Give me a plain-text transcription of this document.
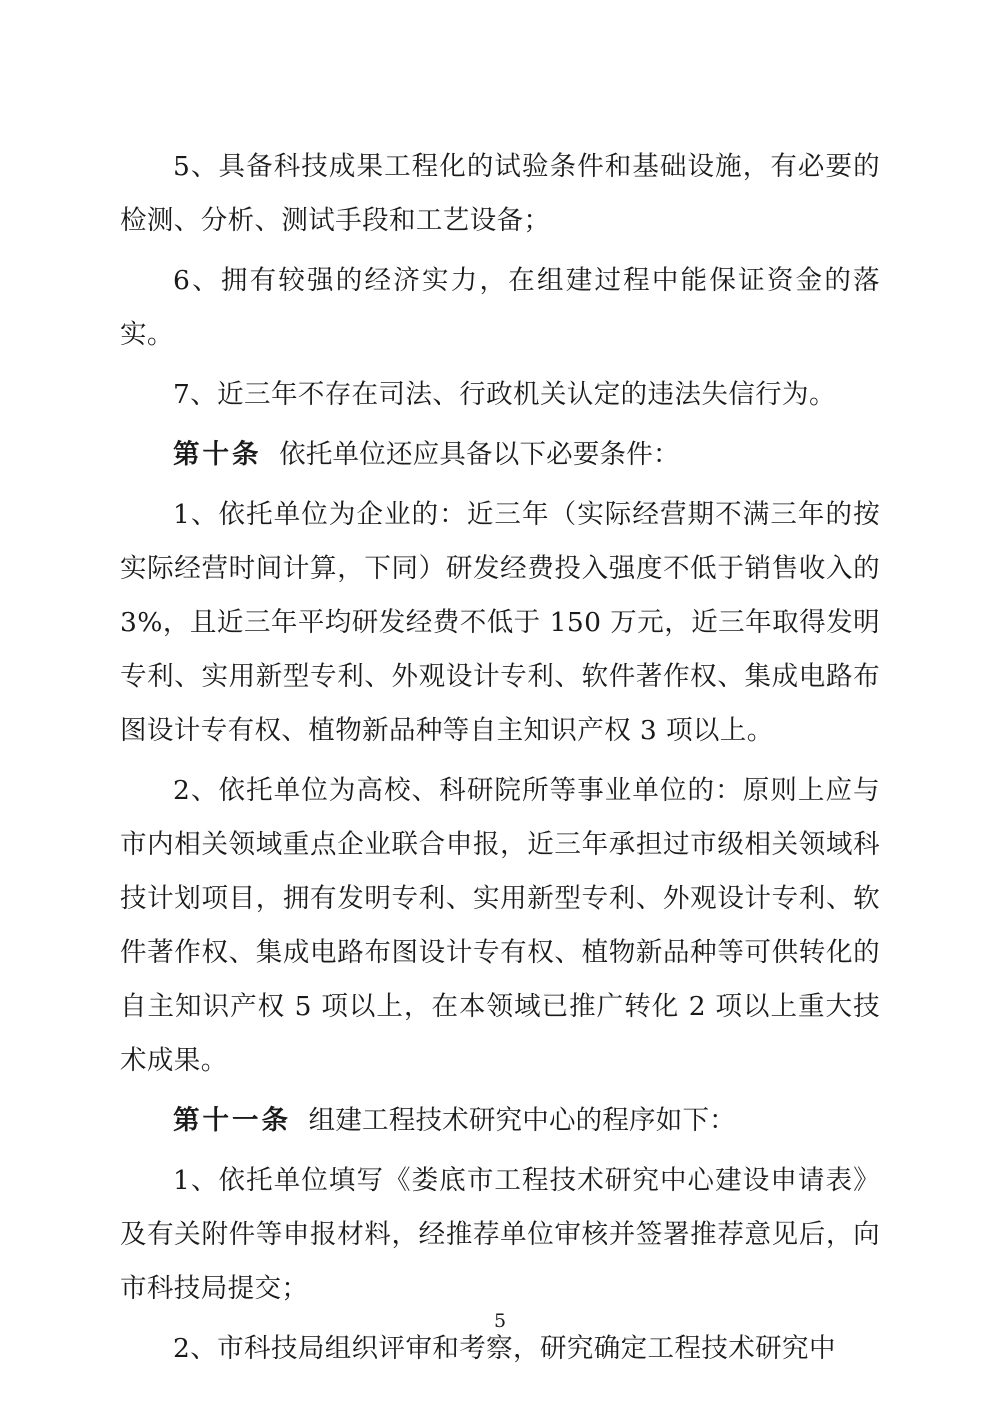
5、具备科技成果工程化的试验条件和基础设施，有必要的检测、分析、测试手段和工艺设备；

6、拥有较强的经济实力，在组建过程中能保证资金的落实。

7、近三年不存在司法、行政机关认定的违法失信行为。

第十条 依托单位还应具备以下必要条件：

1、依托单位为企业的：近三年（实际经营期不满三年的按实际经营时间计算，下同）研发经费投入强度不低于销售收入的 3%，且近三年平均研发经费不低于 150 万元，近三年取得发明专利、实用新型专利、外观设计专利、软件著作权、集成电路布图设计专有权、植物新品种等自主知识产权 3 项以上。

2、依托单位为高校、科研院所等事业单位的：原则上应与市内相关领域重点企业联合申报，近三年承担过市级相关领域科技计划项目，拥有发明专利、实用新型专利、外观设计专利、软件著作权、集成电路布图设计专有权、植物新品种等可供转化的自主知识产权 5 项以上，在本领域已推广转化 2 项以上重大技术成果。

第十一条 组建工程技术研究中心的程序如下：

1、依托单位填写《娄底市工程技术研究中心建设申请表》及有关附件等申报材料，经推荐单位审核并签署推荐意见后，向市科技局提交；

2、市科技局组织评审和考察，研究确定工程技术研究中

5
